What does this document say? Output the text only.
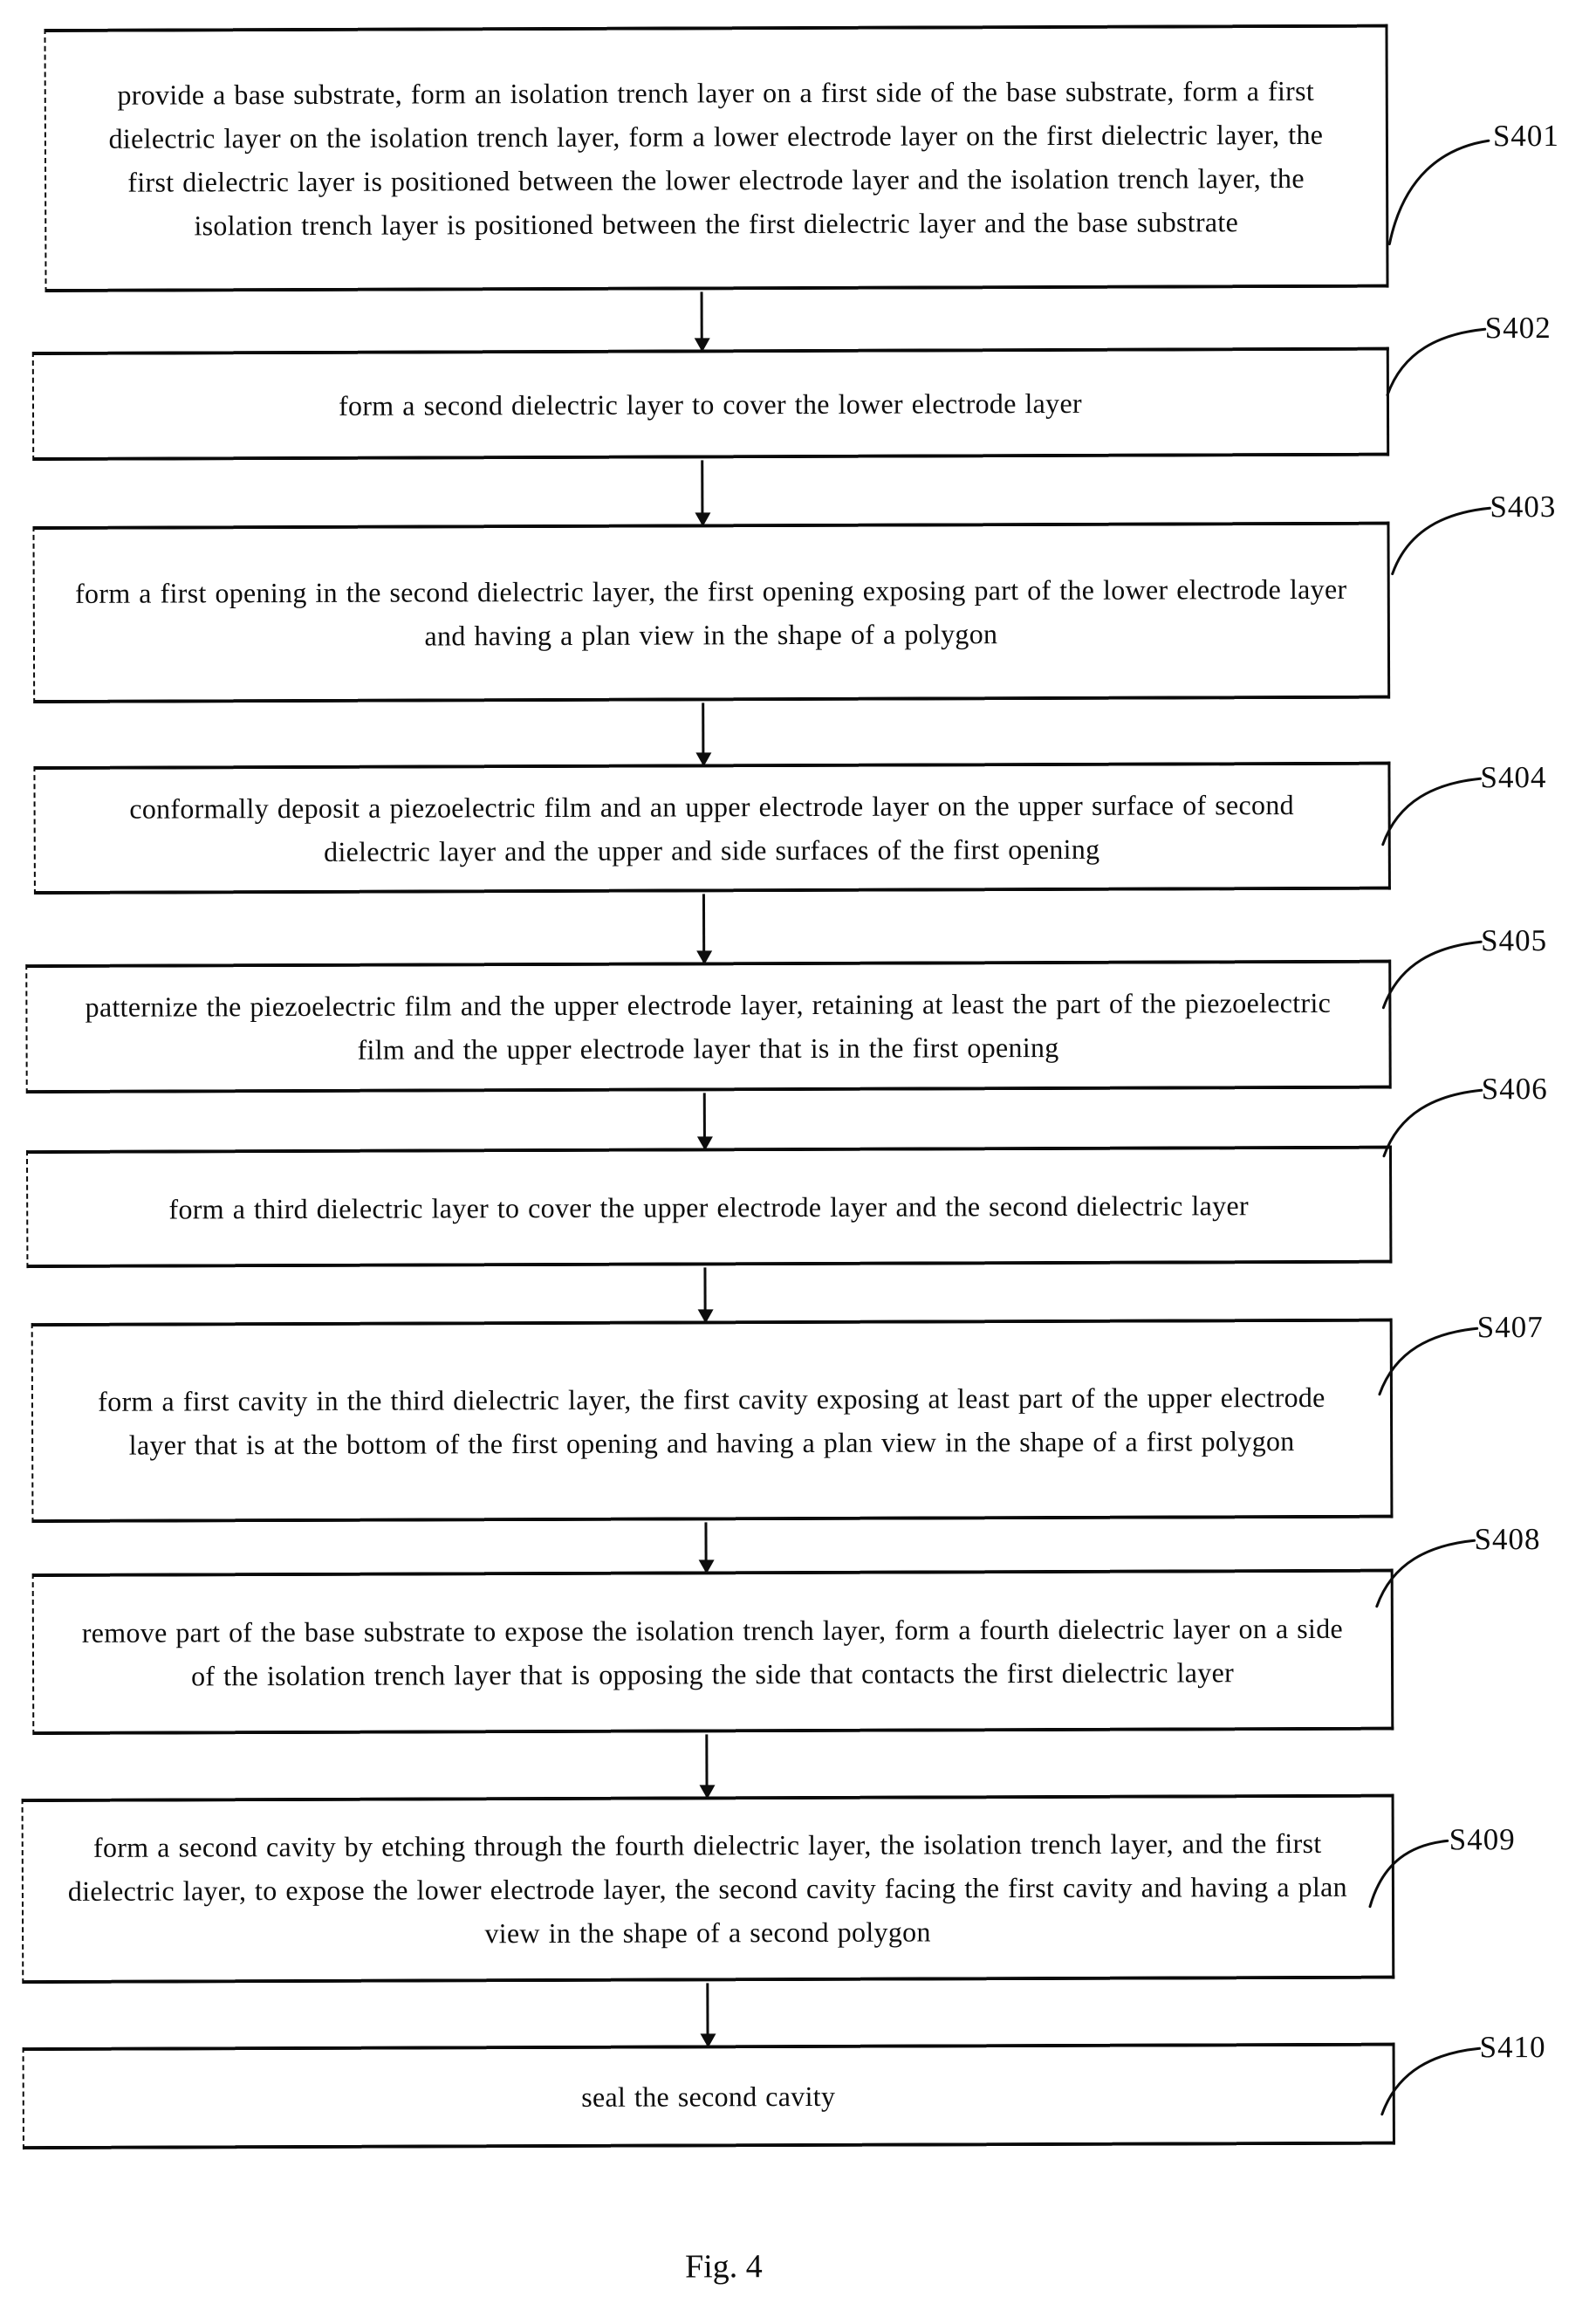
provide a base substrate, form an isolation trench layer on a first side of the base substrate, form a first dielectric layer on the isolation trench layer, form a lower electrode layer on the first dielectric layer, the first dielectric layer is positioned between the lower electrode layer and the isolation trench layer, the isolation trench layer is positioned between the first dielectric layer and the base substrate

form a second dielectric layer to cover the lower electrode layer

form a first opening in the second dielectric layer, the first opening exposing part of the lower electrode layer and having a plan view in the shape of a polygon

conformally deposit a piezoelectric film and an upper electrode layer on the upper surface of second dielectric layer and the upper and side surfaces of the first opening

patternize the piezoelectric film and the upper electrode layer, retaining at least the part of the piezoelectric film and the upper electrode layer that is in the first opening

form a third dielectric layer to cover the upper electrode layer and the second dielectric layer

form a first cavity in the third dielectric layer, the first cavity exposing at least part of the upper electrode layer that is at the bottom of the first opening and having a plan view in the shape of a first polygon

remove part of the base substrate to expose the isolation trench layer, form a fourth dielectric layer on a side of the isolation trench layer that is opposing the side that contacts the first dielectric layer

form a second cavity by etching through the fourth dielectric layer, the isolation trench layer, and the first dielectric layer, to expose the lower electrode layer, the second cavity facing the first cavity and having a plan view in the shape of a second polygon

seal the second cavity

S401
S402
S403
S404
S405
S406
S407
S408
S409
S410
Fig. 4
